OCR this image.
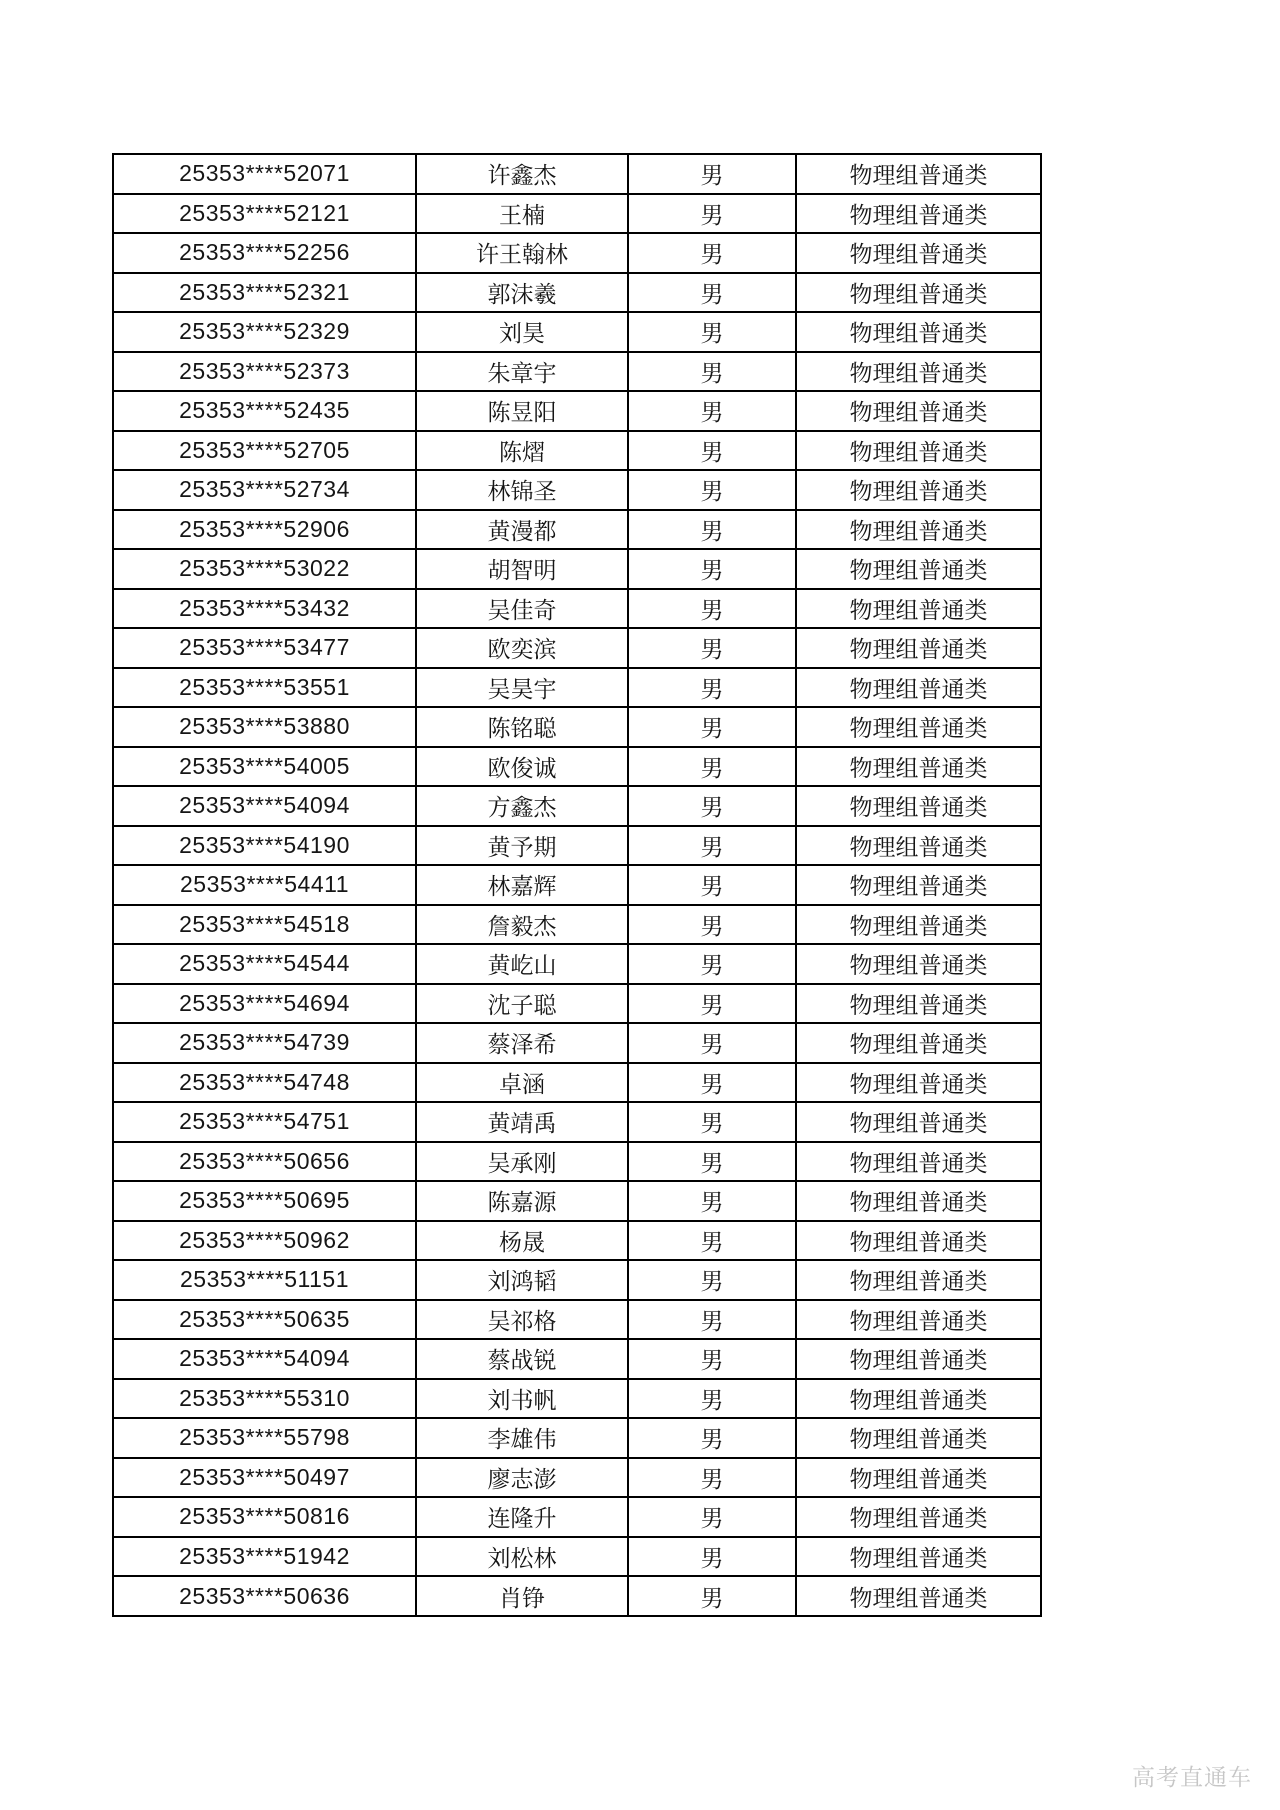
25353****52071	许鑫杰	男	物理组普通类
25353****52121	王楠	男	物理组普通类
25353****52256	许王翰林	男	物理组普通类
25353****52321	郭沫羲	男	物理组普通类
25353****52329	刘昊	男	物理组普通类
25353****52373	朱章宇	男	物理组普通类
25353****52435	陈昱阳	男	物理组普通类
25353****52705	陈熠	男	物理组普通类
25353****52734	林锦圣	男	物理组普通类
25353****52906	黄漫都	男	物理组普通类
25353****53022	胡智明	男	物理组普通类
25353****53432	吴佳奇	男	物理组普通类
25353****53477	欧奕滨	男	物理组普通类
25353****53551	吴昊宇	男	物理组普通类
25353****53880	陈铭聪	男	物理组普通类
25353****54005	欧俊诚	男	物理组普通类
25353****54094	方鑫杰	男	物理组普通类
25353****54190	黄予期	男	物理组普通类
25353****54411	林嘉辉	男	物理组普通类
25353****54518	詹毅杰	男	物理组普通类
25353****54544	黄屹山	男	物理组普通类
25353****54694	沈子聪	男	物理组普通类
25353****54739	蔡泽希	男	物理组普通类
25353****54748	卓涵	男	物理组普通类
25353****54751	黄靖禹	男	物理组普通类
25353****50656	吴承刚	男	物理组普通类
25353****50695	陈嘉源	男	物理组普通类
25353****50962	杨晟	男	物理组普通类
25353****51151	刘鸿韬	男	物理组普通类
25353****50635	吴祁格	男	物理组普通类
25353****54094	蔡战锐	男	物理组普通类
25353****55310	刘书帆	男	物理组普通类
25353****55798	李雄伟	男	物理组普通类
25353****50497	廖志澎	男	物理组普通类
25353****50816	连隆升	男	物理组普通类
25353****51942	刘松林	男	物理组普通类
25353****50636	肖铮	男	物理组普通类
高考直通车
